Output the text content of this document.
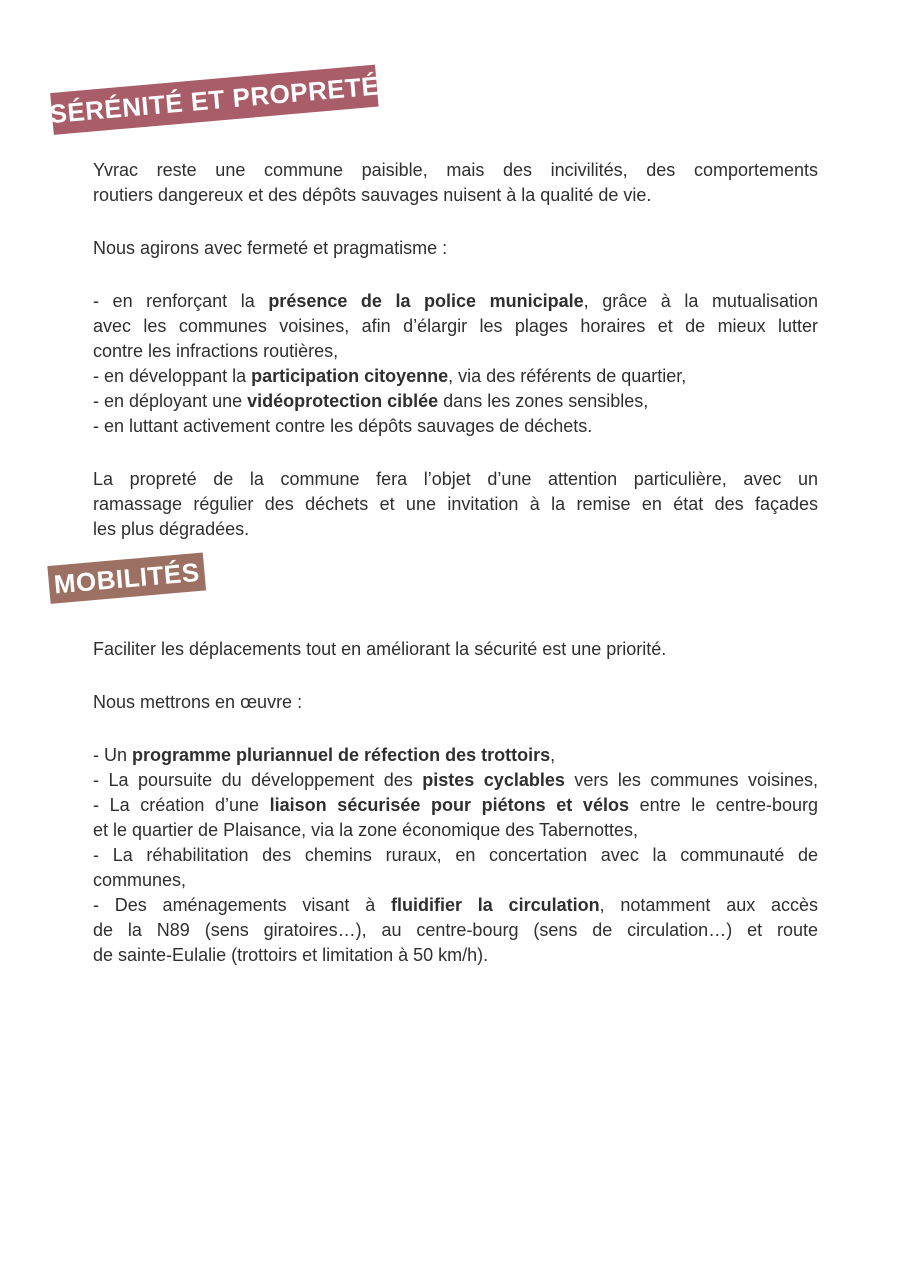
SÉRÉNITÉ ET PROPRETÉ

Yvrac reste une commune paisible, mais des incivilités, des comportements
routiers dangereux et des dépôts sauvages nuisent à la qualité de vie.

Nous agirons avec fermeté et pragmatisme :

- en renforçant la présence de la police municipale, grâce à la mutualisation
avec les communes voisines, afin d’élargir les plages horaires et de mieux lutter
contre les infractions routières,

- en développant la participation citoyenne, via des référents de quartier,

- en déployant une vidéoprotection ciblée dans les zones sensibles,

- en luttant activement contre les dépôts sauvages de déchets.

La propreté de la commune fera l’objet d’une attention particulière, avec un
ramassage régulier des déchets et une invitation à la remise en état des façades
les plus dégradées.

MOBILITÉS

Faciliter les déplacements tout en améliorant la sécurité est une priorité.

Nous mettrons en œuvre :

- Un programme pluriannuel de réfection des trottoirs,

- La poursuite du développement des pistes cyclables vers les communes voisines,

- La création d’une liaison sécurisée pour piétons et vélos entre le centre-bourg
et le quartier de Plaisance, via la zone économique des Tabernottes,

- La réhabilitation des chemins ruraux, en concertation avec la communauté de
communes,

- Des aménagements visant à fluidifier la circulation, notamment aux accès
de la N89 (sens giratoires…), au centre-bourg (sens de circulation…) et route
de sainte-Eulalie (trottoirs et limitation à 50 km/h).
